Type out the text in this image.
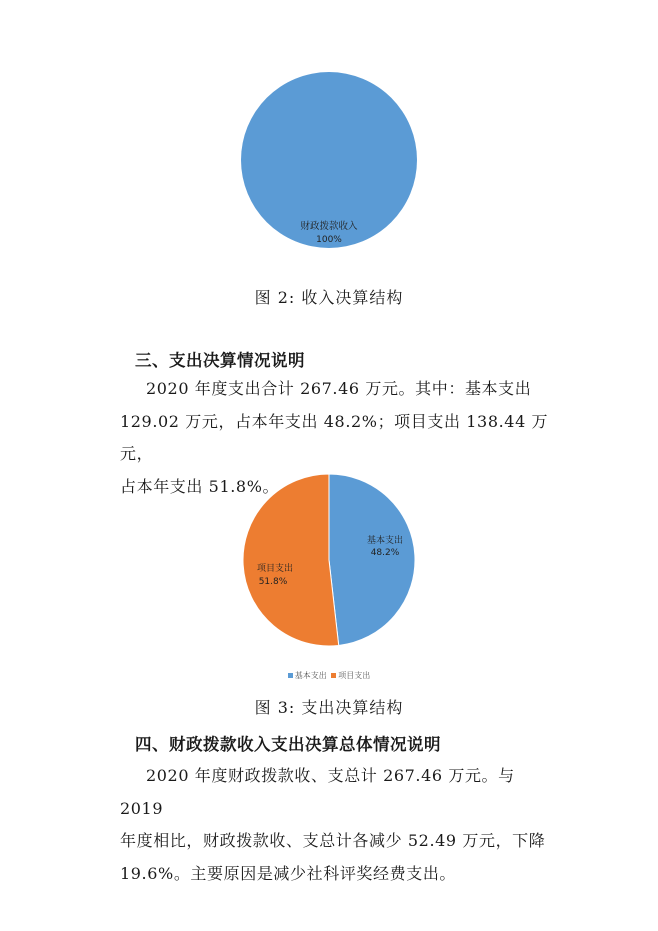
财政拨款收入
100%
图 2: 收入决算结构
三、支出决算情况说明

2020 年度支出合计 267.46 万元。其中：基本支出

129.02 万元，占本年支出 48.2%；项目支出 138.44 万元，

占本年支出 51.8%。

基本支出
48.2%
项目支出
51.8%
基本支出 项目支出
图 3: 支出决算结构
四、财政拨款收入支出决算总体情况说明

2020 年度财政拨款收、支总计 267.46 万元。与 2019

年度相比，财政拨款收、支总计各减少 52.49 万元，下降

19.6%。主要原因是减少社科评奖经费支出。
